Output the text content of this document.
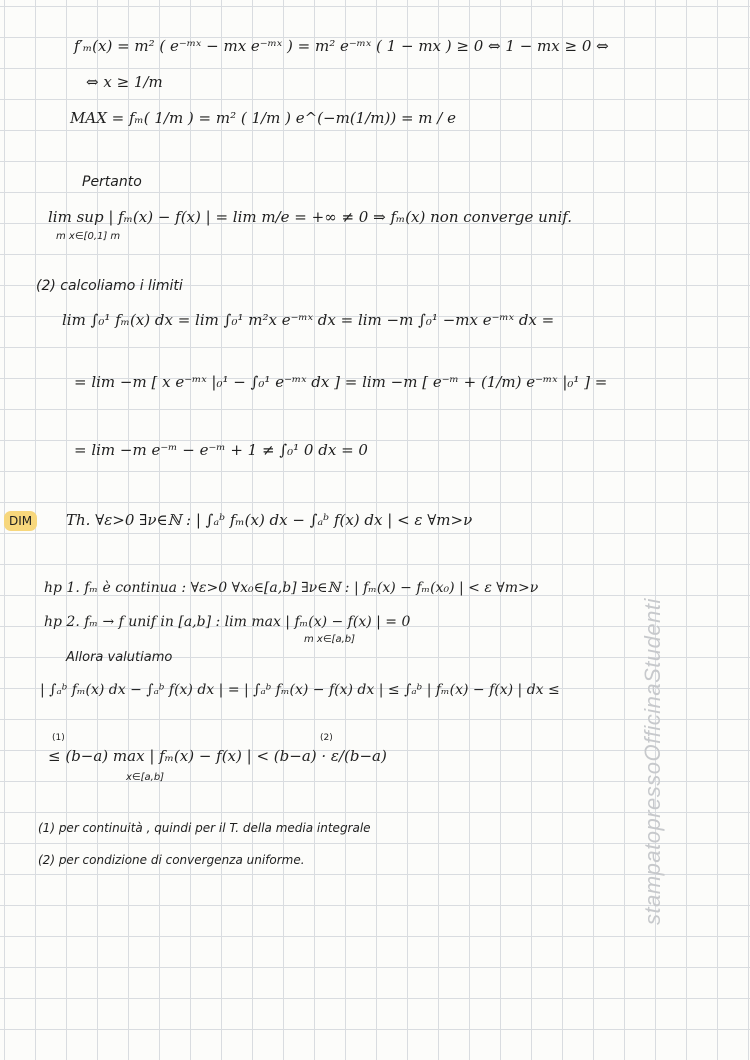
f′ₘ(x) = m² ( e⁻ᵐˣ − mx e⁻ᵐˣ ) = m² e⁻ᵐˣ ( 1 − mx ) ≥ 0 ⇔ 1 − mx ≥ 0 ⇔
⇔ x ≥ 1/m
MAX = fₘ( 1/m ) = m² ( 1/m ) e^(−m(1/m)) = m / e
Pertanto
lim sup | fₘ(x) − f(x) | = lim m/e = +∞ ≠ 0 ⇒ fₘ(x) non converge unif.
m x∈[0,1] m
(2) calcoliamo i limiti
lim ∫₀¹ fₘ(x) dx = lim ∫₀¹ m²x e⁻ᵐˣ dx = lim −m ∫₀¹ −mx e⁻ᵐˣ dx =
= lim −m [ x e⁻ᵐˣ |₀¹ − ∫₀¹ e⁻ᵐˣ dx ] = lim −m [ e⁻ᵐ + (1/m) e⁻ᵐˣ |₀¹ ] =
= lim −m e⁻ᵐ − e⁻ᵐ + 1 ≠ ∫₀¹ 0 dx = 0
DIM	Th. ∀ε>0 ∃ν∈ℕ : | ∫ₐᵇ fₘ(x) dx − ∫ₐᵇ f(x) dx | < ε ∀m>ν
hp 1. fₘ è continua : ∀ε>0 ∀x₀∈[a,b] ∃ν∈ℕ : | fₘ(x) − fₘ(x₀) | < ε ∀m>ν
hp 2. fₘ → f unif in [a,b] : lim max | fₘ(x) − f(x) | = 0
m x∈[a,b]
Allora valutiamo
| ∫ₐᵇ fₘ(x) dx − ∫ₐᵇ f(x) dx | = | ∫ₐᵇ fₘ(x) − f(x) dx | ≤ ∫ₐᵇ | fₘ(x) − f(x) | dx ≤
(1)	(2)
≤ (b−a) max | fₘ(x) − f(x) | < (b−a) · ε/(b−a)
x∈[a,b]
(1) per continuità , quindi per il T. della media integrale
(2) per condizione di convergenza uniforme.	stampatopressoOfficinaStudenti
